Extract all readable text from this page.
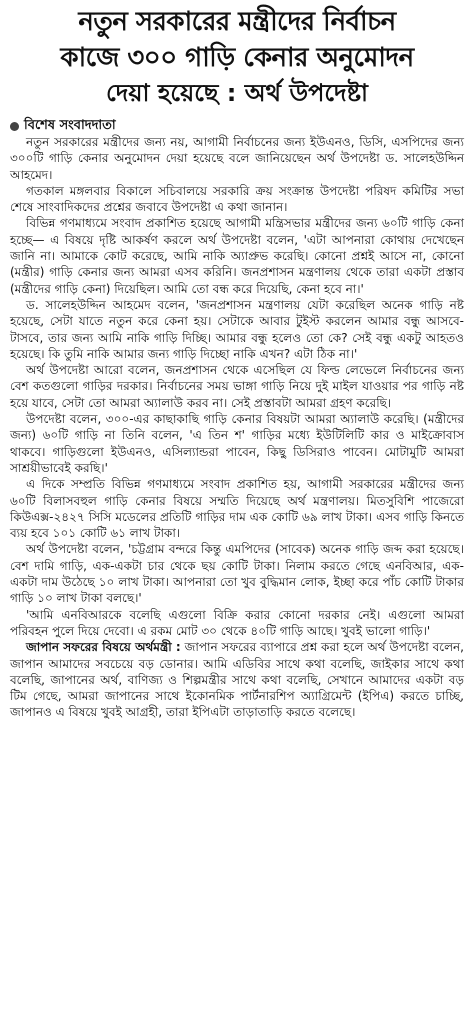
নতুন সরকারের মন্ত্রীদের নির্বাচন
কাজে ৩০০ গাড়ি কেনার অনুমোদন
দেয়া হয়েছে : অর্থ উপদেষ্টা
বিশেষ সংবাদদাতা

নতুন সরকারের মন্ত্রীদের জন্য নয়, আগামী নির্বাচনের জন্য ইউএনও, ডিসি, এসপিদের জন্য ৩০০টি গাড়ি কেনার অনুমোদন দেয়া হয়েছে বলে জানিয়েছেন অর্থ উপদেষ্টা ড. সালেহউদ্দিন আহমেদ।

গতকাল মঙ্গলবার বিকালে সচিবালয়ে সরকারি ক্রয় সংক্রান্ত উপদেষ্টা পরিষদ কমিটির সভা শেষে সাংবাদিকদের প্রশ্নের জবাবে উপদেষ্টা এ কথা জানান।

বিভিন্ন গণমাধ্যমে সংবাদ প্রকাশিত হয়েছে আগামী মন্ত্রিসভার মন্ত্রীদের জন্য ৬০টি গাড়ি কেনা হচ্ছে— এ বিষয়ে দৃষ্টি আকর্ষণ করলে অর্থ উপদেষ্টা বলেন, 'এটা আপনারা কোথায় দেখেছেন জানি না। আমাকে কোট করেছে, আমি নাকি অ্যাপ্রুভ করেছি। কোনো প্রশ্নই আসে না, কোনো (মন্ত্রীর) গাড়ি কেনার জন্য আমরা এসব করিনি। জনপ্রশাসন মন্ত্রণালয় থেকে তারা একটা প্রস্তাব (মন্ত্রীদের গাড়ি কেনা) দিয়েছিল। আমি তো বন্ধ করে দিয়েছি, কেনা হবে না।'

ড. সালেহউদ্দিন আহমেদ বলেন, 'জনপ্রশাসন মন্ত্রণালয় যেটা করেছিল অনেক গাড়ি নষ্ট হয়েছে, সেটা যাতে নতুন করে কেনা হয়। সেটাকে আবার টুইস্ট করলেন আমার বন্ধু আসবে-টাসবে, তার জন্য আমি নাকি গাড়ি দিচ্ছি। আমার বন্ধু হলেও তো কে? সেই বন্ধু একটু আহতও হয়েছে। কি তুমি নাকি আমার জন্য গাড়ি দিচ্ছো নাকি এখন? এটা ঠিক না।'

অর্থ উপদেষ্টা আরো বলেন, জনপ্রশাসন থেকে এসেছিল যে ফিল্ড লেভেলে নির্বাচনের জন্য বেশ কতগুলো গাড়ির দরকার। নির্বাচনের সময় ভাঙ্গা গাড়ি নিয়ে দুই মাইল যাওয়ার পর গাড়ি নষ্ট হয়ে যাবে, সেটা তো আমরা অ্যালাউ করব না। সেই প্রস্তাবটা আমরা গ্রহণ করেছি।

উপদেষ্টা বলেন, ৩০০-এর কাছাকাছি গাড়ি কেনার বিষয়টা আমরা অ্যালাউ করেছি। (মন্ত্রীদের জন্য) ৬০টি গাড়ি না তিনি বলেন, 'এ তিন শ' গাড়ির মধ্যে ইউটিলিটি কার ও মাইক্রোবাস থাকবে। গাড়িগুলো ইউএনও, এসিল্যান্ডরা পাবেন, কিছু ডিসিরাও পাবেন। মোটামুটি আমরা সাশ্রয়ীভাবেই করছি।'

এ দিকে সম্প্রতি বিভিন্ন গণমাধ্যমে সংবাদ প্রকাশিত হয়, আগামী সরকারের মন্ত্রীদের জন্য ৬০টি বিলাসবহুল গাড়ি কেনার বিষয়ে সম্মতি দিয়েছে অর্থ মন্ত্রণালয়। মিতসুবিশি পাজেরো কিউএক্স-২৪২৭ সিসি মডেলের প্রতিটি গাড়ির দাম এক কোটি ৬৯ লাখ টাকা। এসব গাড়ি কিনতে ব্যয় হবে ১০১ কোটি ৬১ লাখ টাকা।

অর্থ উপদেষ্টা বলেন, 'চট্টগ্রাম বন্দরে কিন্তু এমপিদের (সাবেক) অনেক গাড়ি জব্দ করা হয়েছে। বেশ দামি গাড়ি, এক-একটা চার থেকে ছয় কোটি টাকা। নিলাম করতে গেছে এনবিআর, এক-একটা দাম উঠেছে ১০ লাখ টাকা। আপনারা তো খুব বুদ্ধিমান লোক, ইচ্ছা করে পাঁচ কোটি টাকার গাড়ি ১০ লাখ টাকা বলছে।'

'আমি এনবিআরকে বলেছি এগুলো বিক্রি করার কোনো দরকার নেই। এগুলো আমরা পরিবহন পুলে দিয়ে দেবো। এ রকম মোট ৩০ থেকে ৪০টি গাড়ি আছে। খুবই ভালো গাড়ি।'

জাপান সফরের বিষয়ে অর্থমন্ত্রী : জাপান সফরের ব্যাপারে প্রশ্ন করা হলে অর্থ উপদেষ্টা বলেন, জাপান আমাদের সবচেয়ে বড় ডোনার। আমি এডিবির সাথে কথা বলেছি, জাইকার সাথে কথা বলেছি, জাপানের অর্থ, বাণিজ্য ও শিল্পমন্ত্রীর সাথে কথা বলেছি, সেখানে আমাদের একটা বড় টিম গেছে, আমরা জাপানের সাথে ইকোনমিক পার্টনারশিপ অ্যাগ্রিমেন্ট (ইপিএ) করতে চাচ্ছি, জাপানও এ বিষয়ে খুবই আগ্রহী, তারা ইপিএটা তাড়াতাড়ি করতে বলেছে।
